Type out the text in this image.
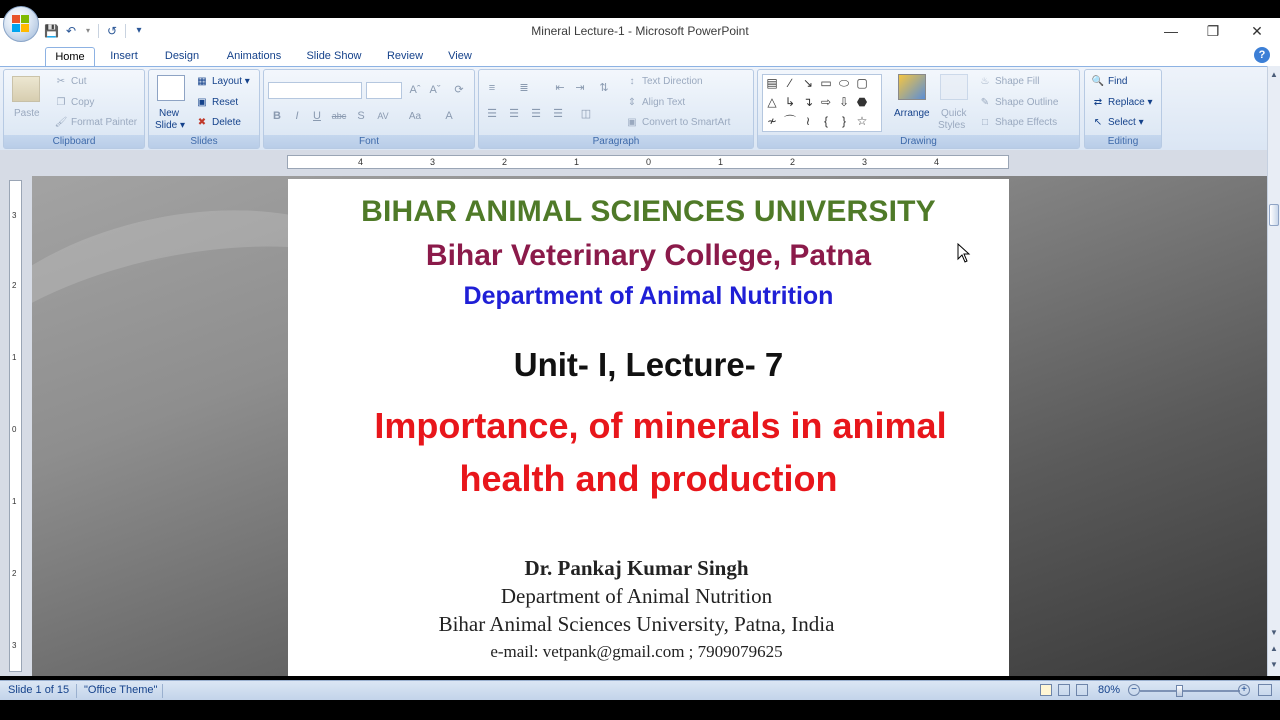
💾 ↶ ▾ ↺	▾	Mineral Lecture-1 - Microsoft PowerPoint	—	❐	✕
Home	Insert	Design	Animations	Slide Show	Review	View	?
Paste
✂ Cut
❐ Copy
🖌 Format Painter
Clipboard
New
Slide ▾
▦ Layout ▾
▣ Reset
✖ Delete
Slides
Aˆ Aˇ	⟳
B	I	U	abc	S	AV	Aa	A
Font
≡	≣	⇤ ⇥	⇅
☰	☰	☰	☰	◫
↕ Text Direction
⇕ Align Text
▣ Convert to SmartArt
Paragraph
▤ ∕ ↘ ▭ ⬭ ▢
△ ↳ ↴ ⇨ ⇩ ⬣
≁ ⌒ ≀	{	} ☆
Arrange Quick
Styles
♨ Shape Fill
✎ Shape Outline
□ Shape Effects
Drawing
🔍 Find
⇄ Replace ▾
↖ Select ▾
Editing
4	3	2	1	0	1	2	3	4
3
2
1
0
1
2
3
BIHAR ANIMAL SCIENCES UNIVERSITY
Bihar Veterinary College, Patna
Department of Animal Nutrition
Unit- I, Lecture- 7
Importance, of minerals in animal
health and production
Dr. Pankaj Kumar Singh
Department of Animal Nutrition
Bihar Animal Sciences University, Patna, India
e-mail: vetpank@gmail.com ; 7909079625
▲
▼
▲
▼
Slide 1 of 15 "Office Theme"	80%	−	+
